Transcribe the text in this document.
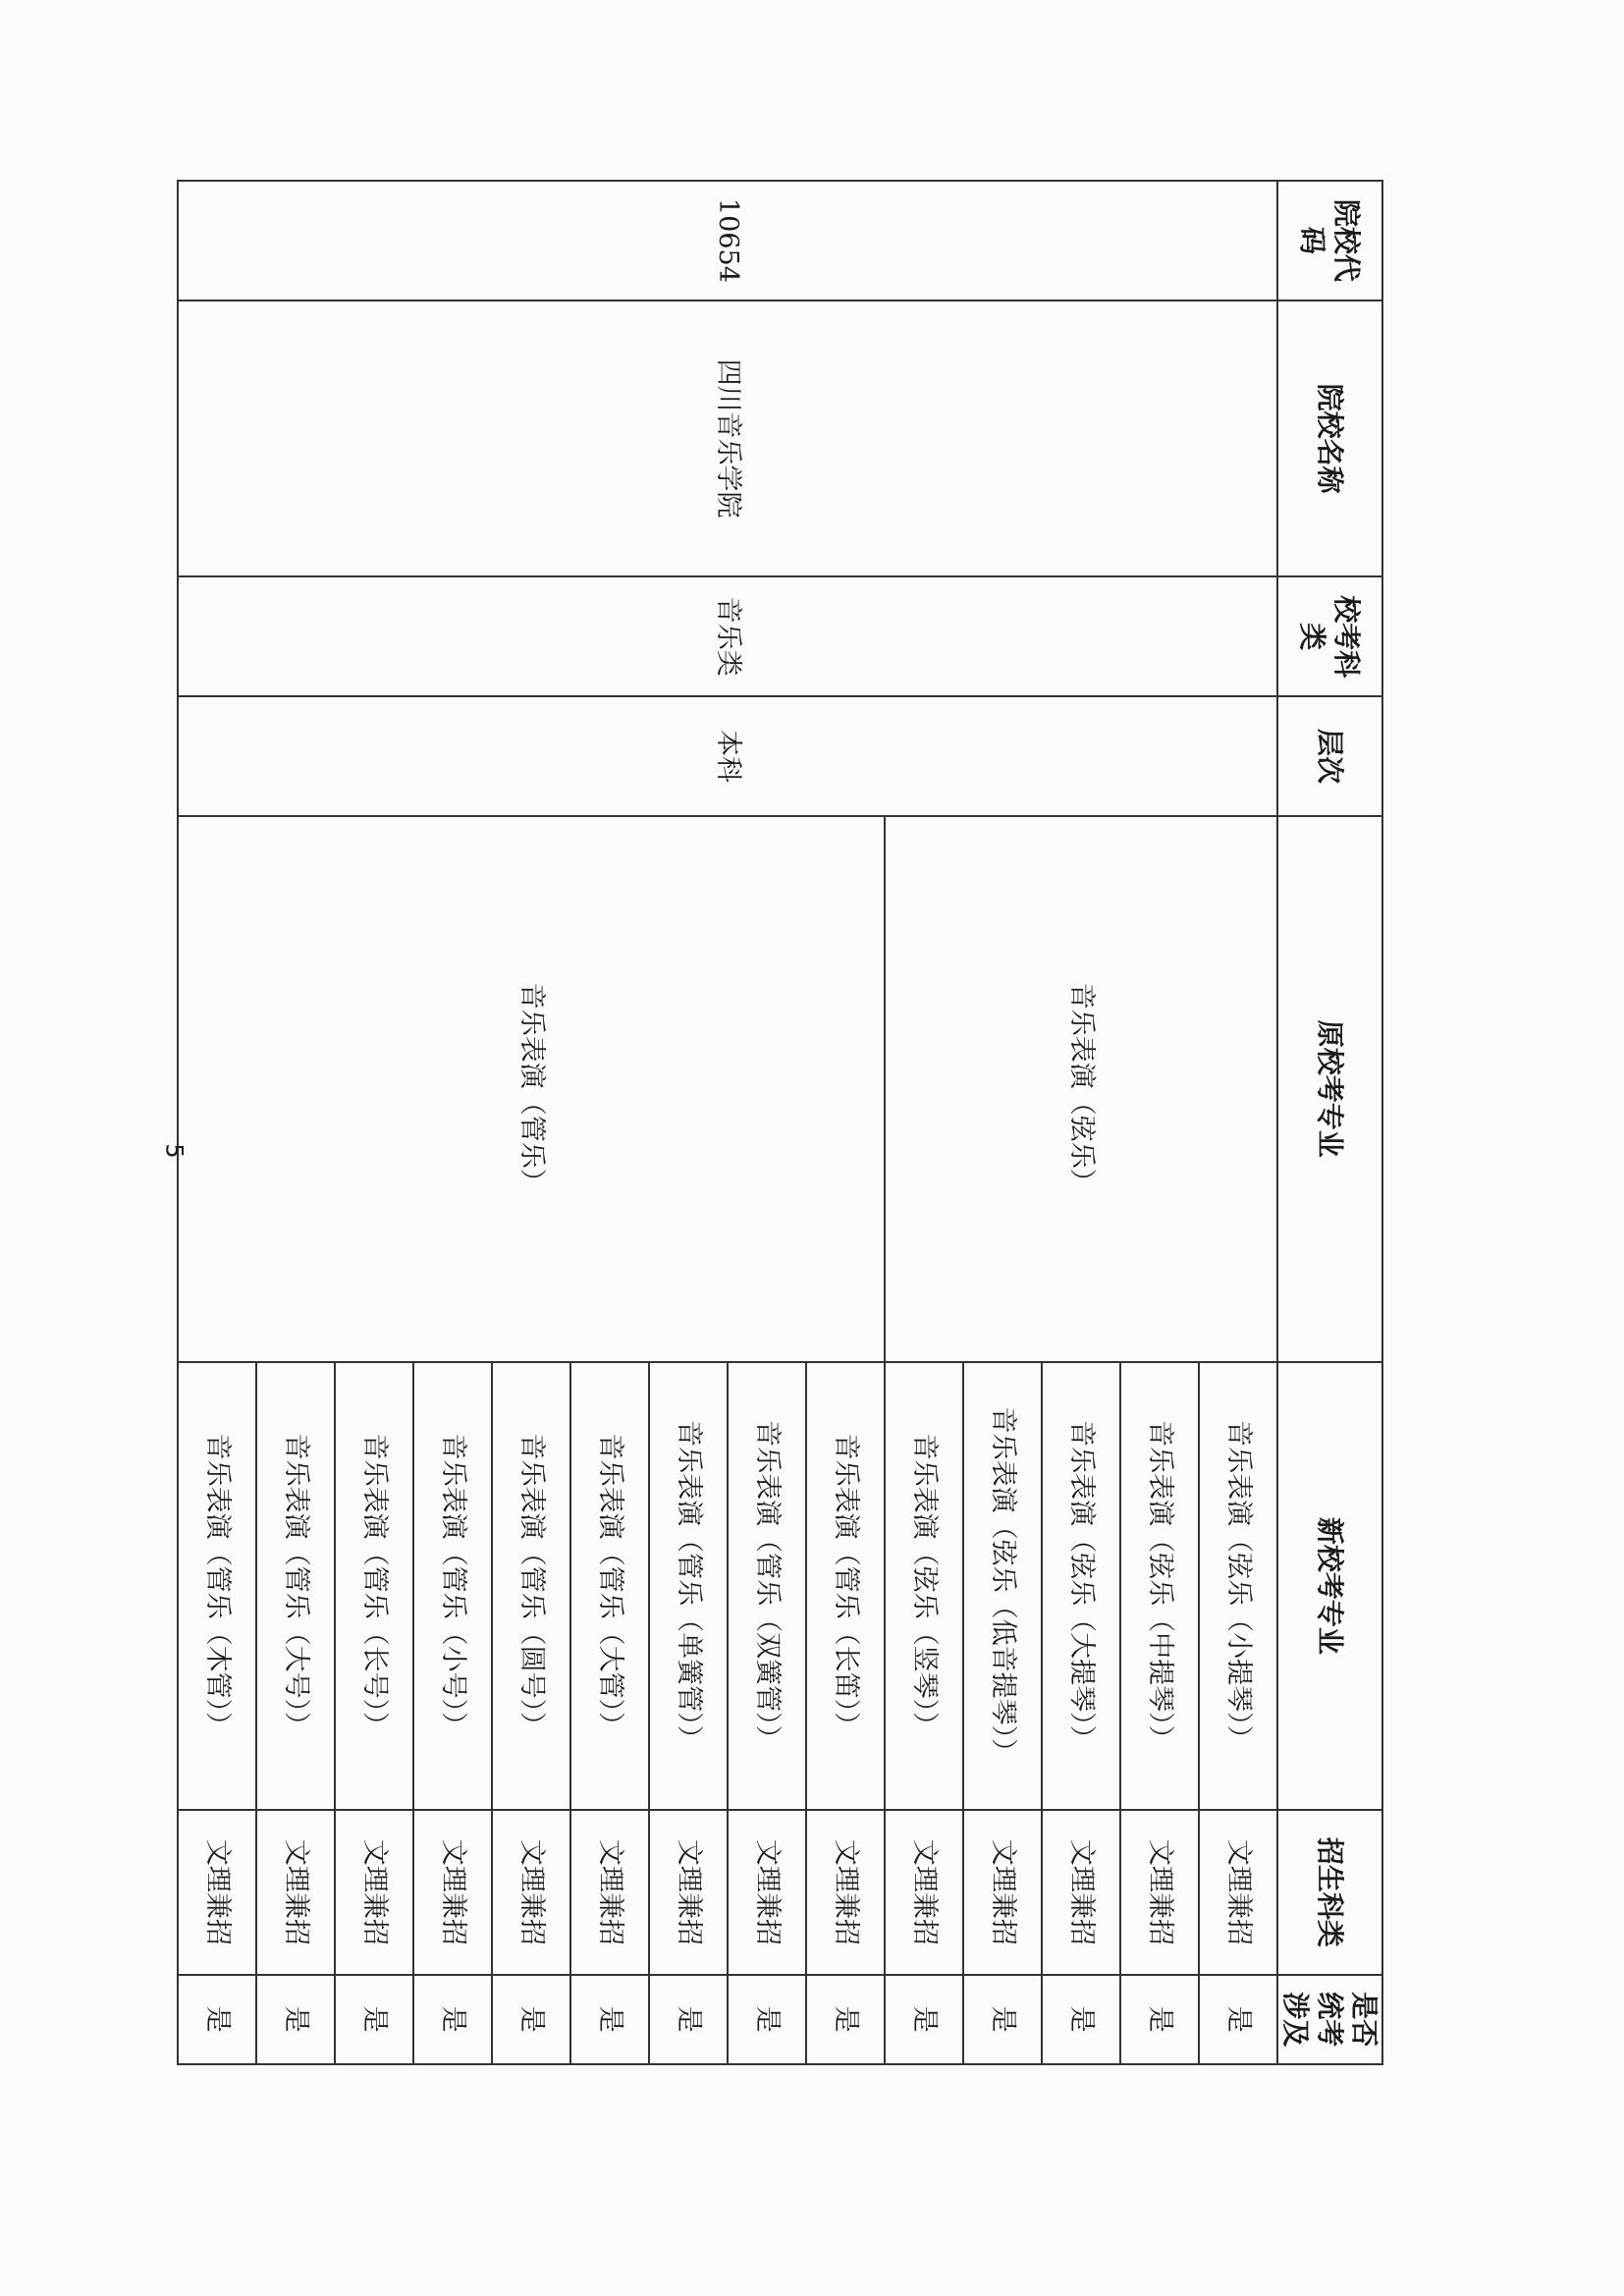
院校代码	院校名称	校考科类	层次	原校考专业	新校考专业	招生科类	是否统考涉及
10654	四川音乐学院	音乐类	本科	音乐表演（弦乐）	音乐表演（弦乐（小提琴））	文理兼招	是
					音乐表演（弦乐（中提琴））	文理兼招	是
					音乐表演（弦乐（大提琴））	文理兼招	是
					音乐表演（弦乐（低音提琴））	文理兼招	是
					音乐表演（弦乐（竖琴））	文理兼招	是
				音乐表演（管乐）	音乐表演（管乐（长笛））	文理兼招	是
					音乐表演（管乐（双簧管））	文理兼招	是
					音乐表演（管乐（单簧管））	文理兼招	是
					音乐表演（管乐（大管））	文理兼招	是
					音乐表演（管乐（圆号））	文理兼招	是
					音乐表演（管乐（小号））	文理兼招	是
					音乐表演（管乐（长号））	文理兼招	是
					音乐表演（管乐（大号））	文理兼招	是
					音乐表演（管乐（木管））	文理兼招	是
5
